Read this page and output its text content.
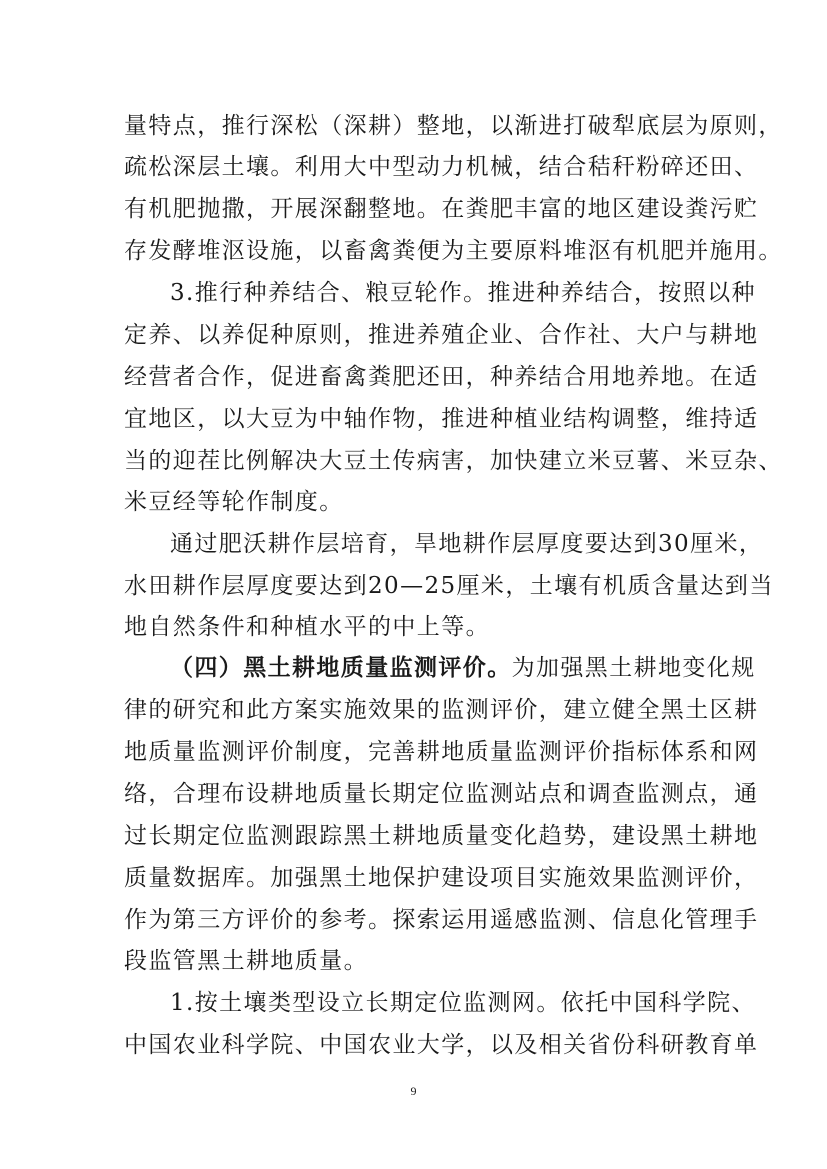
量特点，推行深松（深耕）整地，以渐进打破犁底层为原则，
疏松深层土壤。利用大中型动力机械，结合秸秆粉碎还田、
有机肥抛撒，开展深翻整地。在粪肥丰富的地区建设粪污贮
存发酵堆沤设施，以畜禽粪便为主要原料堆沤有机肥并施用。
3.推行种养结合、粮豆轮作。推进种养结合，按照以种
定养、以养促种原则，推进养殖企业、合作社、大户与耕地
经营者合作，促进畜禽粪肥还田，种养结合用地养地。在适
宜地区，以大豆为中轴作物，推进种植业结构调整，维持适
当的迎茬比例解决大豆土传病害，加快建立米豆薯、米豆杂、
米豆经等轮作制度。
通过肥沃耕作层培育，旱地耕作层厚度要达到30厘米，
水田耕作层厚度要达到20—25厘米，土壤有机质含量达到当
地自然条件和种植水平的中上等。
（四）黑土耕地质量监测评价。为加强黑土耕地变化规
律的研究和此方案实施效果的监测评价，建立健全黑土区耕
地质量监测评价制度，完善耕地质量监测评价指标体系和网
络，合理布设耕地质量长期定位监测站点和调查监测点，通
过长期定位监测跟踪黑土耕地质量变化趋势，建设黑土耕地
质量数据库。加强黑土地保护建设项目实施效果监测评价，
作为第三方评价的参考。探索运用遥感监测、信息化管理手
段监管黑土耕地质量。
1.按土壤类型设立长期定位监测网。依托中国科学院、
中国农业科学院、中国农业大学，以及相关省份科研教育单
9
